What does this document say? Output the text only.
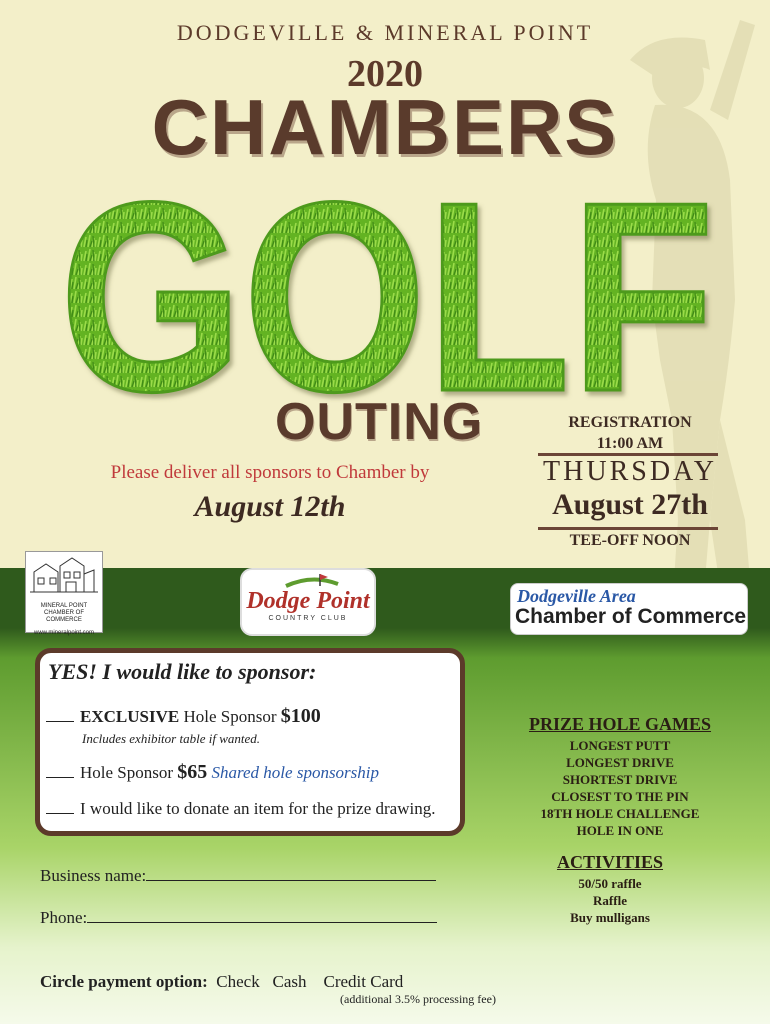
DODGEVILLE & MINERAL POINT
2020
CHAMBERS
GOLF
OUTING
Please deliver all sponsors to Chamber by
August 12th
REGISTRATION
11:00 AM
THURSDAY
August 27th
TEE-OFF NOON
MINERAL POINT
CHAMBER OF COMMERCE
www.mineralpoint.com
Dodge Point
COUNTRY CLUB
Dodgeville Area
Chamber of Commerce
YES! I would like to sponsor:
EXCLUSIVE Hole Sponsor $100
Includes exhibitor table if wanted.
Hole Sponsor $65 Shared hole sponsorship
I would like to donate an item for the prize drawing.
PRIZE HOLE GAMES
LONGEST PUTT
LONGEST DRIVE
SHORTEST DRIVE
CLOSEST TO THE PIN
18TH HOLE CHALLENGE
HOLE IN ONE
ACTIVITIES
50/50 raffle
Raffle
Buy mulligans
Business name:
Phone:
Circle payment option: Check Cash Credit Card
(additional 3.5% processing fee)
